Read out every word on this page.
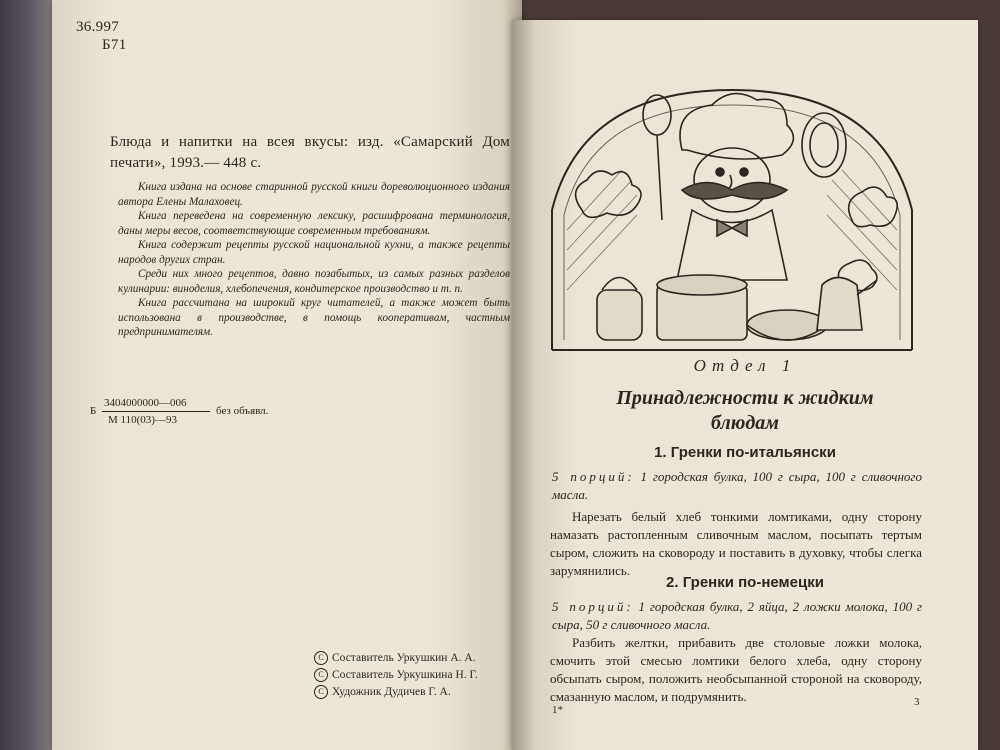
36.997
Б71
Блюда и напитки на всея вкусы: изд. «Самарский Дом печати», 1993.— 448 с.

Книга издана на основе старинной русской книги дореволюционного издания автора Елены Малаховец.

Книга переведена на современную лексику, расшифрована терминология, даны меры весов, соответствующие современным требованиям.

Книга содержит рецепты русской национальной кухни, а также рецепты народов других стран.

Среди них много рецептов, давно позабытых, из самых разных разделов кулинарии: виноделия, хлебопечения, кондитерское производство и т. п.

Книга рассчитана на широкий круг читателей, а также может быть использована в производстве, в помощь кооперативам, частным предпринимателям.

Б
3404000000—006
М 110(03)—93
без объявл.
C Составитель Уркушкин А. А.
C Составитель Уркушкина Н. Г.
C Художник Дудичев Г. А.
Отдел 1
Принадлежности к жидким блюдам
1. Гренки по-итальянски
5 порций: 1 городская булка, 100 г сыра, 100 г сливочного масла.

Нарезать белый хлеб тонкими ломтиками, одну сторону намазать растопленным сливочным маслом, посыпать тертым сыром, сложить на сковороду и поставить в духовку, чтобы слегка зарумянились.

2. Гренки по-немецки
5 порций: 1 городская булка, 2 яйца, 2 ложки молока, 100 г сыра, 50 г сливочного масла.

Разбить желтки, прибавить две столовые ложки молока, смочить этой смесью ломтики белого хлеба, одну сторону обсыпать сыром, положить необсыпанной стороной на сковороду, смазанную маслом, и подрумянить.

1*
3
